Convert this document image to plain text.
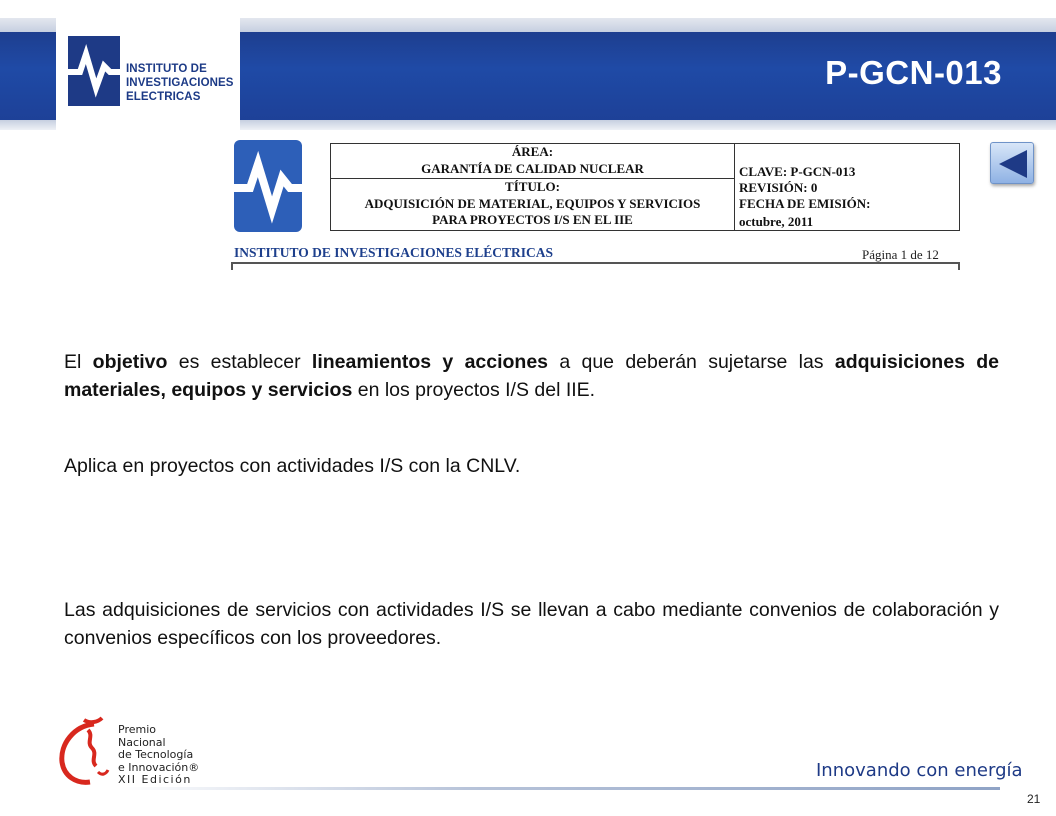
INSTITUTO DE
INVESTIGACIONES
ELECTRICAS
P-GCN-013
ÁREA:
GARANTÍA DE CALIDAD NUCLEAR
TÍTULO:
ADQUISICIÓN DE MATERIAL, EQUIPOS Y SERVICIOS
PARA PROYECTOS I/S EN EL IIE
CLAVE: P-GCN-013
REVISIÓN: 0
FECHA DE EMISIÓN:
octubre, 2011
INSTITUTO DE INVESTIGACIONES ELÉCTRICAS	Página 1 de 12
El objetivo es establecer lineamientos y acciones a que deberán sujetarse las adquisiciones de materiales, equipos y servicios en los proyectos I/S del IIE.
Aplica en proyectos con actividades I/S con la CNLV.
Las adquisiciones de servicios con actividades I/S se llevan a cabo mediante convenios de colaboración y convenios específicos con los proveedores.
Premio
Nacional
de Tecnología
e Innovación®
XII Edición	Innovando con energía
21
